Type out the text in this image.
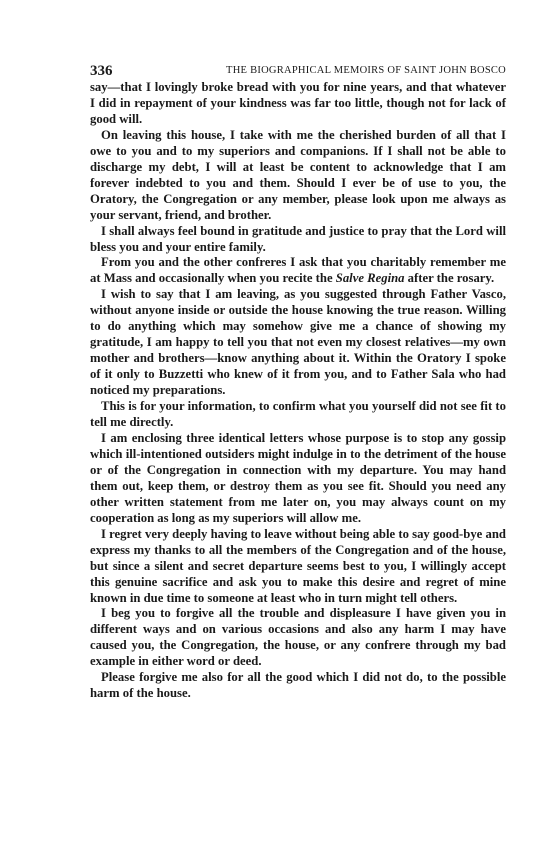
336	THE BIOGRAPHICAL MEMOIRS OF SAINT JOHN BOSCO

say—that I lovingly broke bread with you for nine years, and that whatever I did in repayment of your kindness was far too little, though not for lack of good will.

On leaving this house, I take with me the cherished burden of all that I owe to you and to my superiors and companions. If I shall not be able to discharge my debt, I will at least be content to acknowledge that I am forever indebted to you and them. Should I ever be of use to you, the Oratory, the Congregation or any member, please look upon me always as your servant, friend, and brother.

I shall always feel bound in gratitude and justice to pray that the Lord will bless you and your entire family.

From you and the other confreres I ask that you charitably remember me at Mass and occasionally when you recite the Salve Regina after the rosary.

I wish to say that I am leaving, as you suggested through Father Vasco, without anyone inside or outside the house knowing the true reason. Willing to do anything which may somehow give me a chance of showing my gratitude, I am happy to tell you that not even my closest relatives—my own mother and brothers—know anything about it. Within the Oratory I spoke of it only to Buzzetti who knew of it from you, and to Father Sala who had noticed my preparations.

This is for your information, to confirm what you yourself did not see fit to tell me directly.

I am enclosing three identical letters whose purpose is to stop any gossip which ill-intentioned outsiders might indulge in to the detriment of the house or of the Congregation in connection with my departure. You may hand them out, keep them, or destroy them as you see fit. Should you need any other written statement from me later on, you may always count on my cooperation as long as my superiors will allow me.

I regret very deeply having to leave without being able to say good-bye and express my thanks to all the members of the Congregation and of the house, but since a silent and secret departure seems best to you, I willingly accept this genuine sacrifice and ask you to make this desire and regret of mine known in due time to someone at least who in turn might tell others.

I beg you to forgive all the trouble and displeasure I have given you in different ways and on various occasions and also any harm I may have caused you, the Congregation, the house, or any confrere through my bad example in either word or deed.

Please forgive me also for all the good which I did not do, to the possible harm of the house.
